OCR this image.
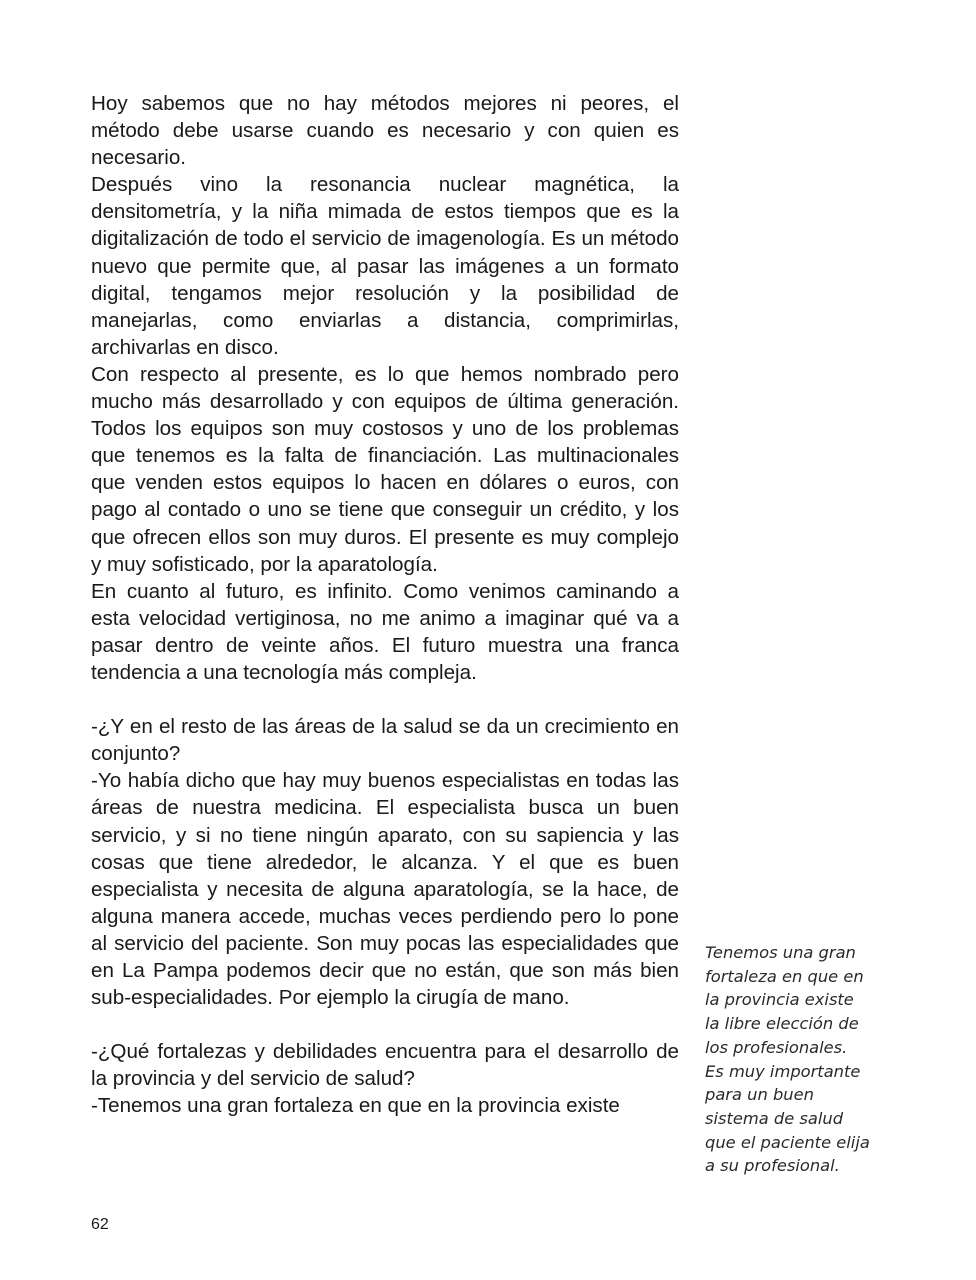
Hoy sabemos que no hay métodos mejores ni peores, el método debe usarse cuando es necesario y con quien es necesario.

Después vino la resonancia nuclear magnética, la densitometría, y la niña mimada de estos tiempos que es la digitalización de todo el servicio de imagenología. Es un método nuevo que permite que, al pasar las imágenes a un formato digital, tengamos mejor resolución y la posibilidad de manejarlas, como enviarlas a distancia, comprimirlas, archivarlas en disco.

Con respecto al presente, es lo que hemos nombrado pero mucho más desarrollado y con equipos de última generación. Todos los equipos son muy costosos y uno de los problemas que tenemos es la falta de financiación. Las multinacionales que venden estos equipos lo hacen en dólares o euros, con pago al contado o uno se tiene que conseguir un crédito, y los que ofrecen ellos son muy duros. El presente es muy complejo y muy sofisticado, por la aparatología.

En cuanto al futuro, es infinito. Como venimos caminando a esta velocidad vertiginosa, no me animo a imaginar qué va a pasar dentro de veinte años. El futuro muestra una franca tendencia a una tecnología más compleja.

-¿Y en el resto de las áreas de la salud se da un crecimiento en conjunto?

-Yo había dicho que hay muy buenos especialistas en todas las áreas de nuestra medicina. El especialista busca un buen servicio, y si no tiene ningún aparato, con su sapiencia y las cosas que tiene alrededor, le alcanza. Y el que es buen especialista y necesita de alguna aparatología, se la hace, de alguna manera accede, muchas veces perdiendo pero lo pone al servicio del paciente. Son muy pocas las especialidades que en La Pampa podemos decir que no están, que son más bien sub-especialidades. Por ejemplo la cirugía de mano.

-¿Qué fortalezas y debilidades encuentra para el desarrollo de la provincia y del servicio de salud?

-Tenemos una gran fortaleza en que en la provincia existe

Tenemos una gran
fortaleza en que en
la provincia existe
la libre elección de
los profesionales.
Es muy importante
para un buen
sistema de salud
que el paciente elija
a su profesional.
62
